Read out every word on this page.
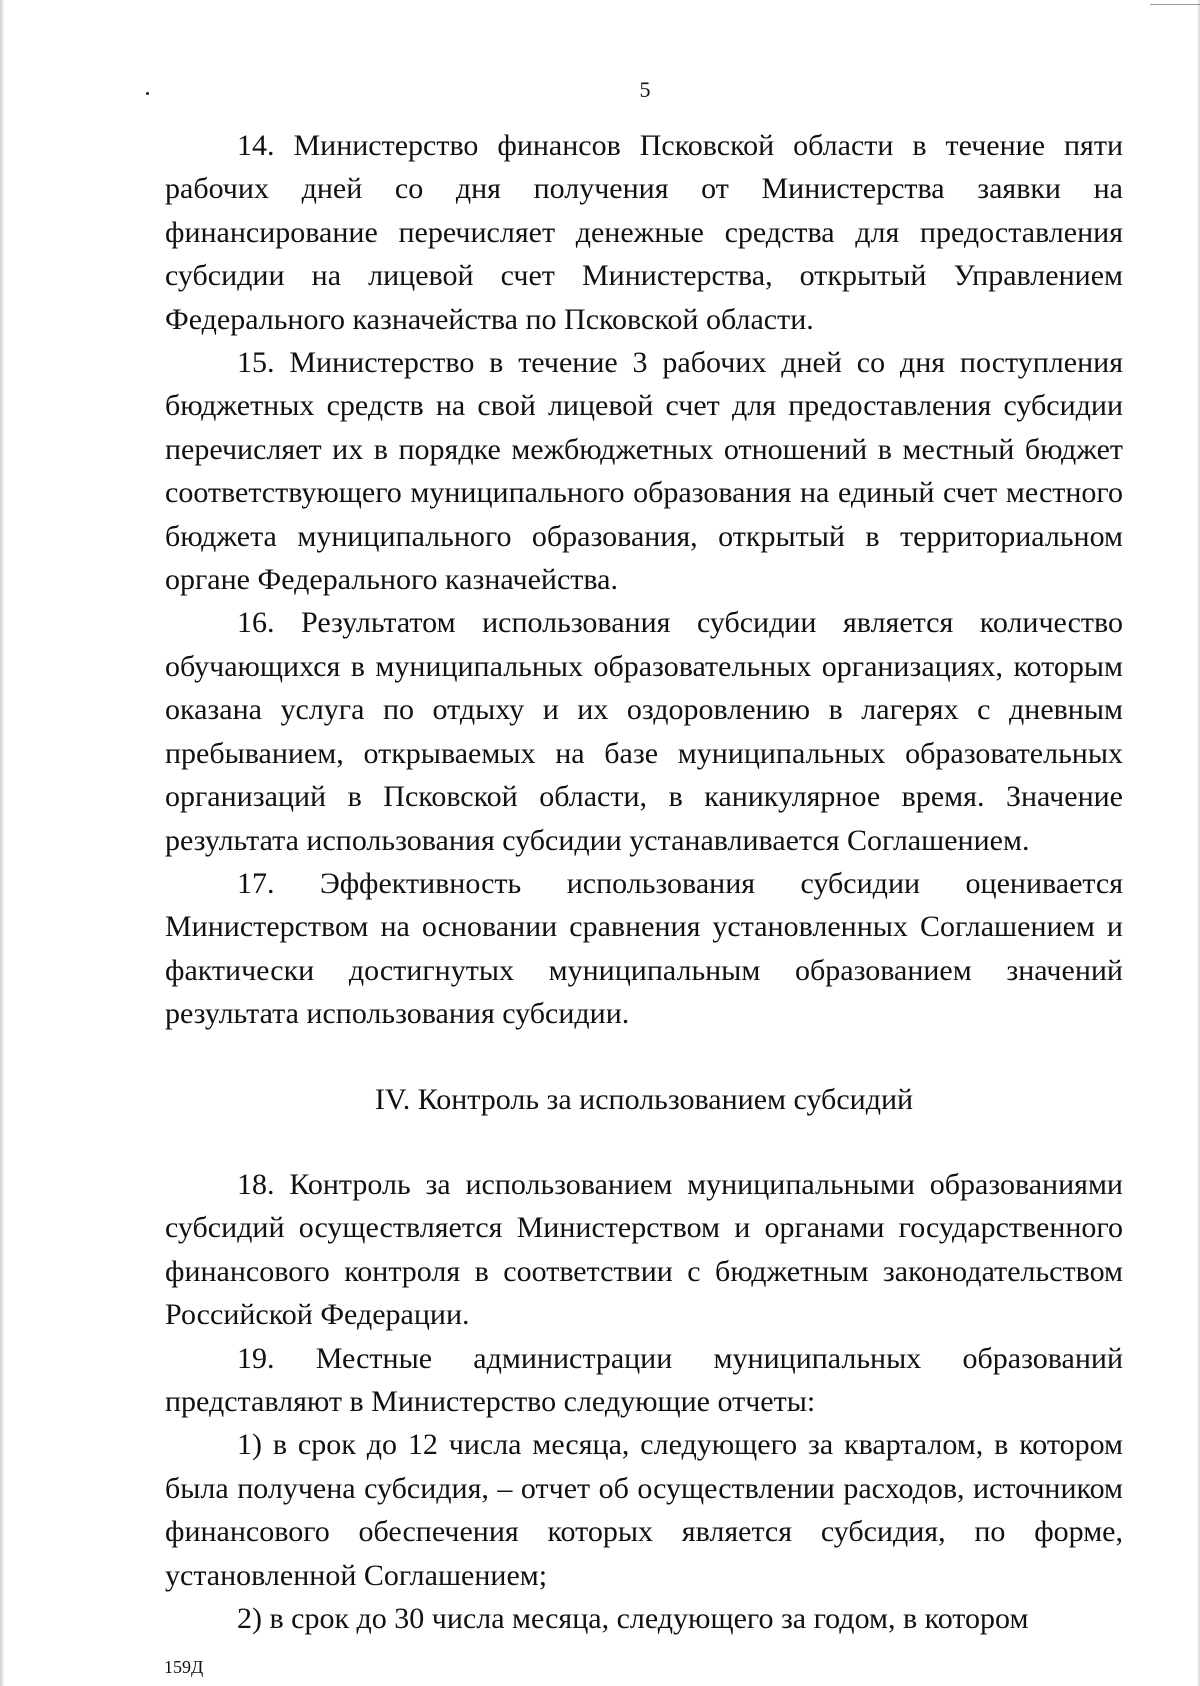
5

14. Министерство финансов Псковской области в течение пяти рабочих дней со дня получения от Министерства заявки на финансирование перечисляет денежные средства для предоставления субсидии на лицевой счет Министерства, открытый Управлением Федерального казначейства по Псковской области.

15. Министерство в течение 3 рабочих дней со дня поступления бюджетных средств на свой лицевой счет для предоставления субсидии перечисляет их в порядке межбюджетных отношений в местный бюджет соответствующего муниципального образования на единый счет местного бюджета муниципального образования, открытый в территориальном органе Федерального казначейства.

16. Результатом использования субсидии является количество обучающихся в муниципальных образовательных организациях, которым оказана услуга по отдыху и их оздоровлению в лагерях с дневным пребыванием, открываемых на базе муниципальных образовательных организаций в Псковской области, в каникулярное время. Значение результата использования субсидии устанавливается Соглашением.

17. Эффективность использования субсидии оценивается Министерством на основании сравнения установленных Соглашением и фактически достигнутых муниципальным образованием значений результата использования субсидии.

IV. Контроль за использованием субсидий

18. Контроль за использованием муниципальными образованиями субсидий осуществляется Министерством и органами государственного финансового контроля в соответствии с бюджетным законодательством Российской Федерации.

19. Местные администрации муниципальных образований представляют в Министерство следующие отчеты:

1) в срок до 12 числа месяца, следующего за кварталом, в котором была получена субсидия, – отчет об осуществлении расходов, источником финансового обеспечения которых является субсидия, по форме, установленной Соглашением;

2) в срок до 30 числа месяца, следующего за годом, в котором

159Д
